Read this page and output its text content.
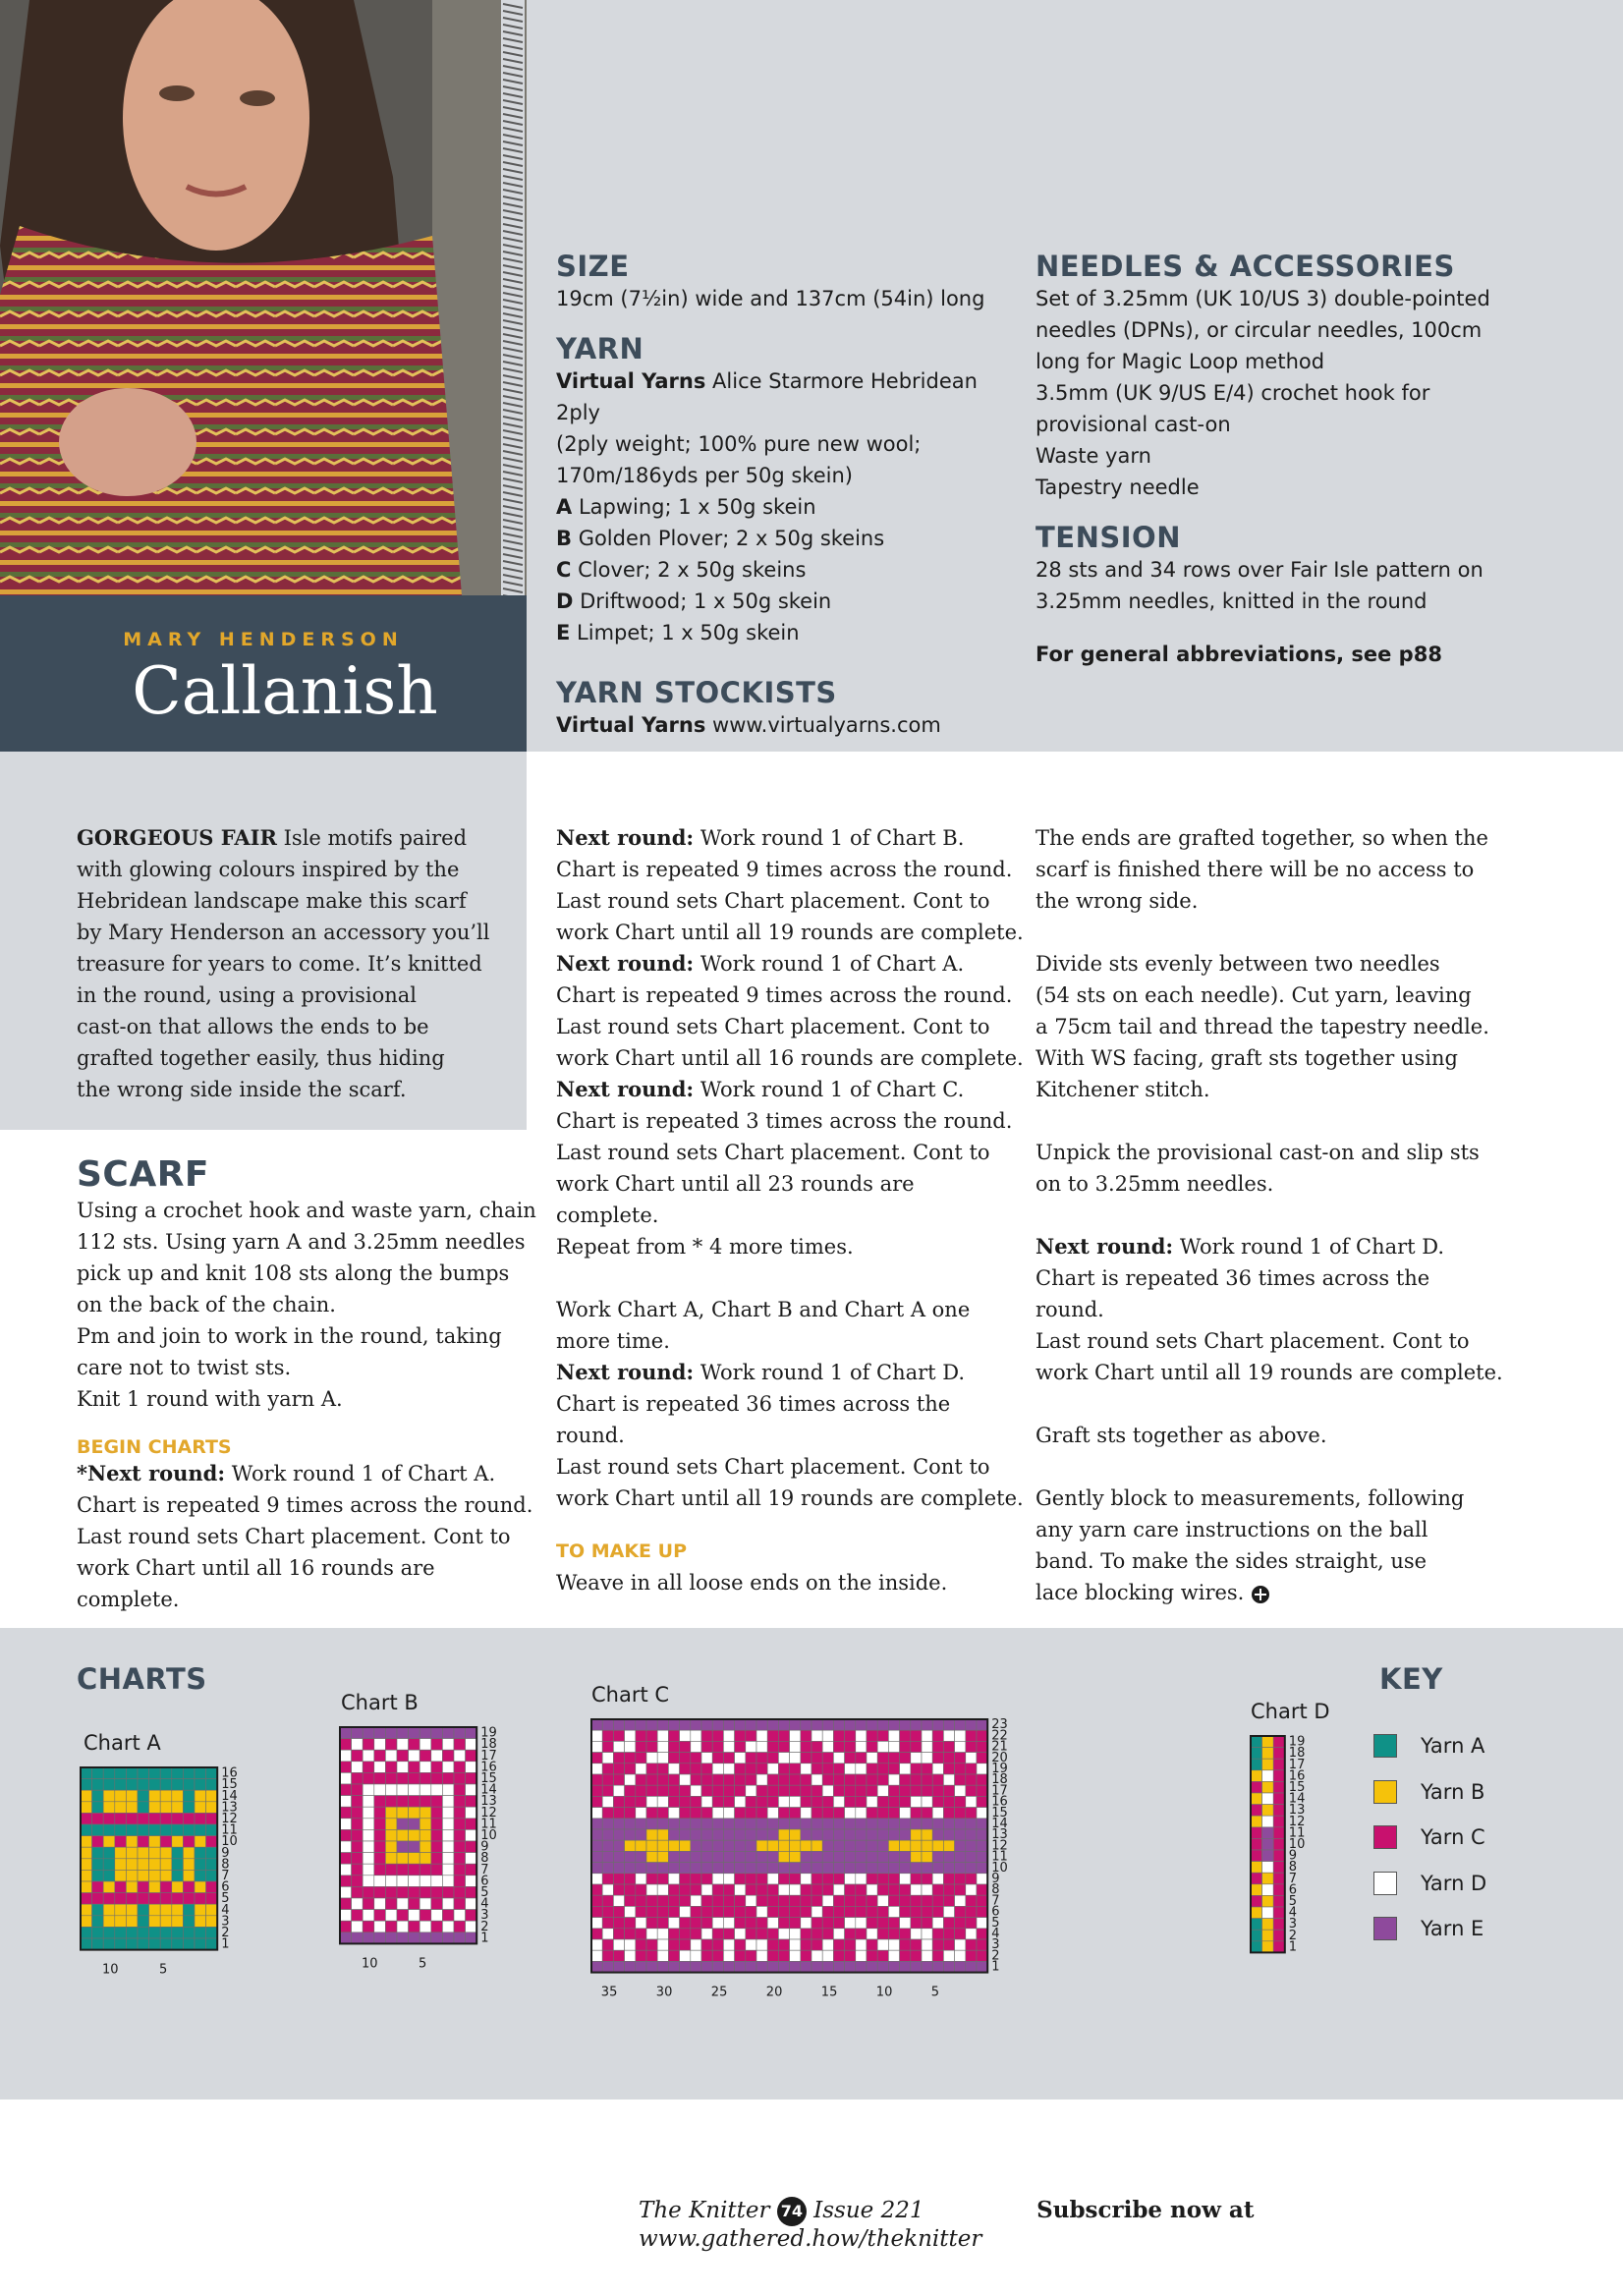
MARY HENDERSON
Callanish
SIZE

19cm (7½in) wide and 137cm (54in) long

YARN

Virtual Yarns Alice Starmore Hebridean 2ply

(2ply weight; 100% pure new wool;

170m/186yds per 50g skein)

A Lapwing; 1 x 50g skein

B Golden Plover; 2 x 50g skeins

C Clover; 2 x 50g skeins

D Driftwood; 1 x 50g skein

E Limpet; 1 x 50g skein

YARN STOCKISTS

Virtual Yarns www.virtualyarns.com

NEEDLES & ACCESSORIES

Set of 3.25mm (UK 10/US 3) double-pointed

needles (DPNs), or circular needles, 100cm

long for Magic Loop method

3.5mm (UK 9/US E/4) crochet hook for

provisional cast-on

Waste yarn

Tapestry needle

TENSION

28 sts and 34 rows over Fair Isle pattern on

3.25mm needles, knitted in the round

For general abbreviations, see p88

GORGEOUS FAIR Isle motifs paired

with glowing colours inspired by the

Hebridean landscape make this scarf

by Mary Henderson an accessory you’ll

treasure for years to come. It’s knitted

in the round, using a provisional

cast-on that allows the ends to be

grafted together easily, thus hiding

the wrong side inside the scarf.

SCARF

Using a crochet hook and waste yarn, chain

112 sts. Using yarn A and 3.25mm needles

pick up and knit 108 sts along the bumps

on the back of the chain.

Pm and join to work in the round, taking

care not to twist sts.

Knit 1 round with yarn A.

BEGIN CHARTS

*Next round: Work round 1 of Chart A.

Chart is repeated 9 times across the round.

Last round sets Chart placement. Cont to

work Chart until all 16 rounds are complete.

Next round: Work round 1 of Chart B.

Chart is repeated 9 times across the round.

Last round sets Chart placement. Cont to

work Chart until all 19 rounds are complete.

Next round: Work round 1 of Chart A.

Chart is repeated 9 times across the round.

Last round sets Chart placement. Cont to

work Chart until all 16 rounds are complete.

Next round: Work round 1 of Chart C.

Chart is repeated 3 times across the round.

Last round sets Chart placement. Cont to

work Chart until all 23 rounds are

complete.

Repeat from * 4 more times.

Work Chart A, Chart B and Chart A one

more time.

Next round: Work round 1 of Chart D.

Chart is repeated 36 times across the

round.

Last round sets Chart placement. Cont to

work Chart until all 19 rounds are complete.

TO MAKE UP

Weave in all loose ends on the inside.

The ends are grafted together, so when the

scarf is finished there will be no access to

the wrong side.

Divide sts evenly between two needles

(54 sts on each needle). Cut yarn, leaving

a 75cm tail and thread the tapestry needle.

With WS facing, graft sts together using

Kitchener stitch.

Unpick the provisional cast-on and slip sts

on to 3.25mm needles.

Next round: Work round 1 of Chart D.

Chart is repeated 36 times across the

round.

Last round sets Chart placement. Cont to

work Chart until all 19 rounds are complete.

Graft sts together as above.

Gently block to measurements, following

any yarn care instructions on the ball

band. To make the sides straight, use

lace blocking wires.

CHARTS
Chart A
Chart B	Chart C
Chart D
1
2
3
4
5
6
7
8
9
10
11
12
13
14
15
16
10	5
1
2
3
4
5
6
7
8
9
10
11
12
13
14
15
16
17
18
19
10	5	1
2
3
4
5
6
7
8
9
10
11
12
13
14
15
16
17
18
19
20
21
22
23
35	30	25	20	15	10	5
1
2
3
4
5
6
7
8
9
10
11
12
13
14
15
16
17
18
19
KEY
Yarn A
Yarn B
Yarn C
Yarn D
Yarn E
The Knitter 74 Issue 221	Subscribe now at www.gathered.how/theknitter
